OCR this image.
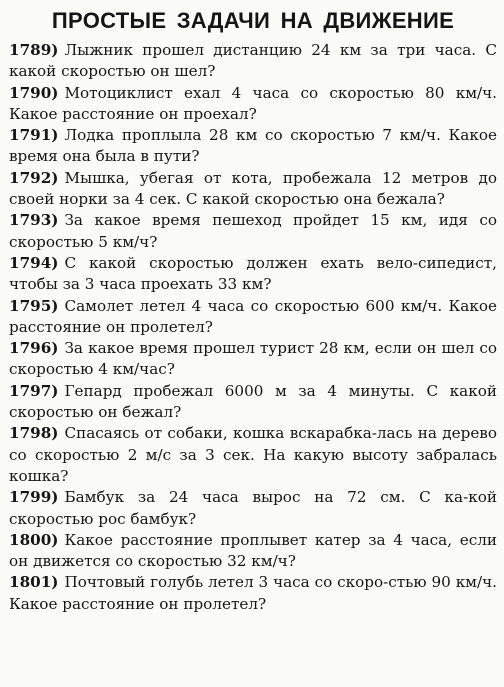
ПРОСТЫЕ ЗАДАЧИ НА ДВИЖЕНИЕ
1789) Лыжник прошел дистанцию 24 км за три часа. С какой скоростью он шел?
1790) Мотоциклист ехал 4 часа со скоростью 80 км/ч. Какое расстояние он проехал?
1791) Лодка проплыла 28 км со скоростью 7 км/ч. Какое время она была в пути?
1792) Мышка, убегая от кота, пробежала 12 метров до своей норки за 4 сек. С какой скоростью она бежала?
1793) За какое время пешеход пройдет 15 км, идя со скоростью 5 км/ч?
1794) С какой скоростью должен ехать вело-сипедист, чтобы за 3 часа проехать 33 км?
1795) Самолет летел 4 часа со скоростью 600 км/ч. Какое расстояние он пролетел?
1796) За какое время прошел турист 28 км, если он шел со скоростью 4 км/час?
1797) Гепард пробежал 6000 м за 4 минуты. С какой скоростью он бежал?
1798) Спасаясь от собаки, кошка вскарабка-лась на дерево со скоростью 2 м/с за 3 сек. На какую высоту забралась кошка?
1799) Бамбук за 24 часа вырос на 72 см. С ка-кой скоростью рос бамбук?
1800) Какое расстояние проплывет катер за 4 часа, если он движется со скоростью 32 км/ч?
1801) Почтовый голубь летел 3 часа со скоро-стью 90 км/ч. Какое расстояние он пролетел?
